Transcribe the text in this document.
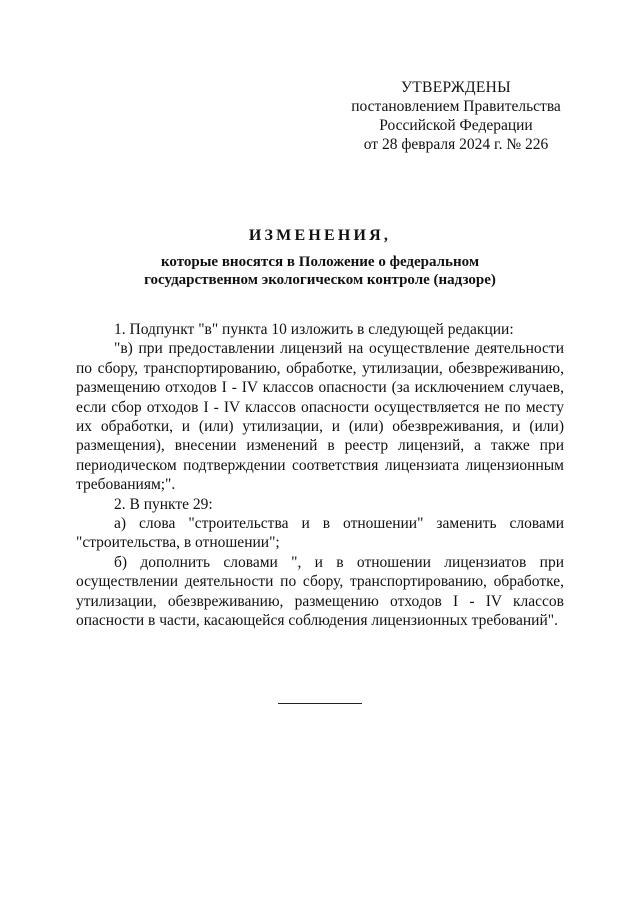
УТВЕРЖДЕНЫ
постановлением Правительства
Российской Федерации
от 28 февраля 2024 г. № 226
ИЗМЕНЕНИЯ,
которые вносятся в Положение о федеральном
государственном экологическом контроле (надзоре)

1. Подпункт "в" пункта 10 изложить в следующей редакции:

"в) при предоставлении лицензий на осуществление деятельности по сбору, транспортированию, обработке, утилизации, обезвреживанию, размещению отходов I - IV классов опасности (за исключением случаев, если сбор отходов I - IV классов опасности осуществляется не по месту их обработки, и (или) утилизации, и (или) обезвреживания, и (или) размещения), внесении изменений в реестр лицензий, а также при периодическом подтверждении соответствия лицензиата лицензионным требованиям;".

2. В пункте 29:

а) слова "строительства и в отношении" заменить словами "строительства, в отношении";

б) дополнить словами ", и в отношении лицензиатов при осуществлении деятельности по сбору, транспортированию, обработке, утилизации, обезвреживанию, размещению отходов I - IV классов опасности в части, касающейся соблюдения лицензионных требований".
